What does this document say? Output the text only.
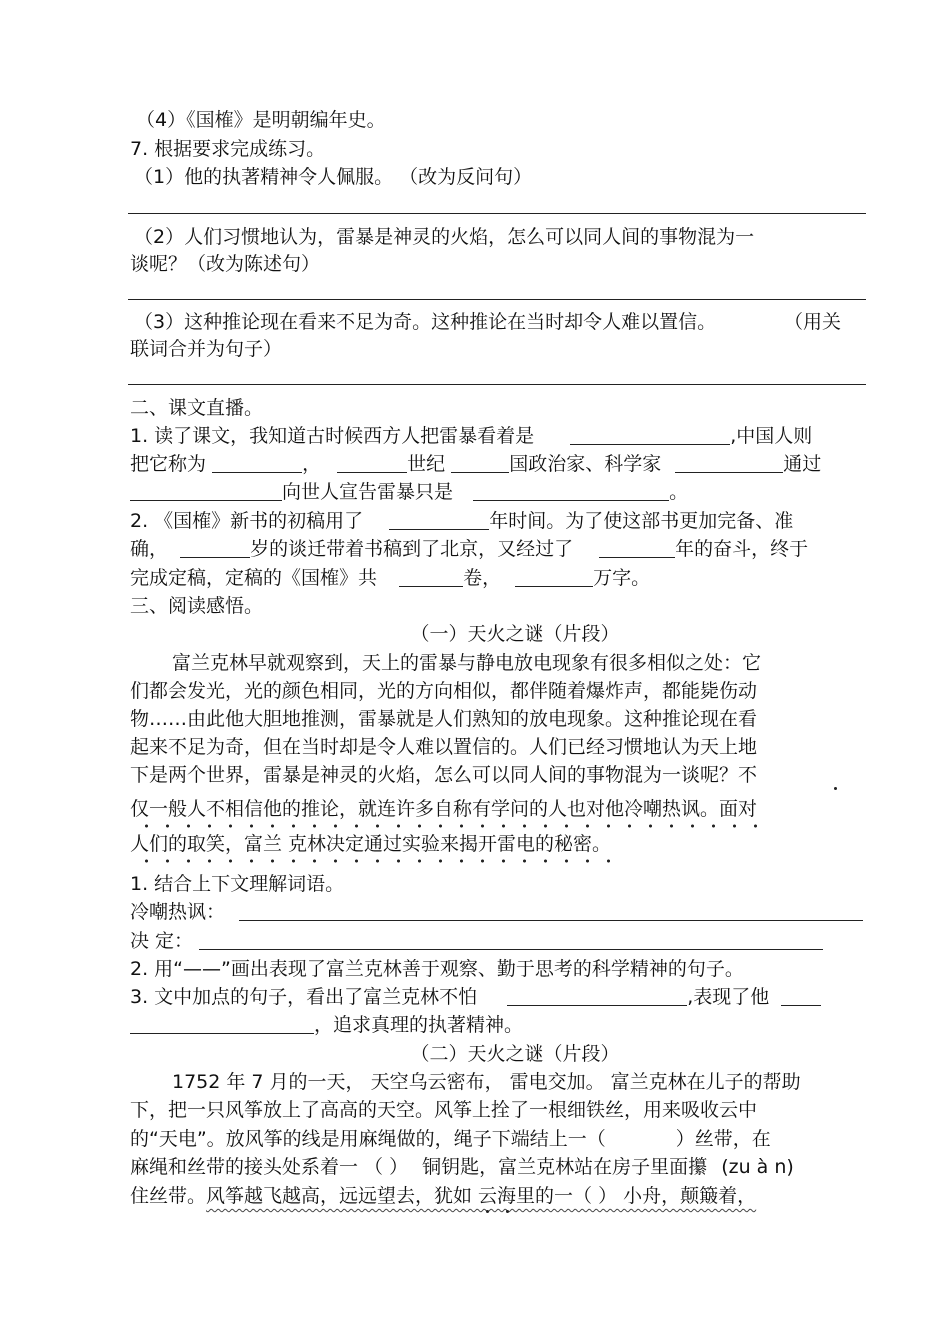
（4）《国榷》是明朝编年史。
7. 根据要求完成练习。
（1）他的执著精神令人佩服。 （改为反问句）
（2）人们习惯地认为，雷暴是神灵的火焰，怎么可以同人间的事物混为一
谈呢？（改为陈述句）
（3）这种推论现在看来不足为奇。这种推论在当时却令人难以置信。	（用关
联词合并为句子）
二、课文直播。
1. 读了课文，我知道古时候西方人把雷暴看着是	,中国人则
把它称为	，	世纪	国政治家、科学家	通过
向世人宣告雷暴只是	。
2. 《国榷》新书的初稿用了	年时间。为了使这部书更加完备、准
确，	岁的谈迁带着书稿到了北京，又经过了	年的奋斗，终于
完成定稿，定稿的《国榷》共	卷，	万字。
三、阅读感悟。
（一）天火之谜（片段）
富兰克林早就观察到，天上的雷暴与静电放电现象有很多相似之处：它
们都会发光，光的颜色相同，光的方向相似，都伴随着爆炸声，都能毙伤动
物……由此他大胆地推测，雷暴就是人们熟知的放电现象。这种推论现在看
起来不足为奇，但在当时却是令人难以置信的。人们已经习惯地认为天上地
下是两个世界，雷暴是神灵的火焰，怎么可以同人间的事物混为一谈呢？不
仅一般人不相信他的推论，就连许多自称有学问的人也对他冷嘲热讽。面对
人们的取笑，富兰 克林决定通过实验来揭开雷电的秘密。
1. 结合上下文理解词语。
冷嘲热讽：
决 定：
2. 用“——”画出表现了富兰克林善于观察、勤于思考的科学精神的句子。
3. 文中加点的句子，看出了富兰克林不怕	,表现了他
，追求真理的执著精神。
（二）天火之谜（片段）
1752 年 7 月的一天， 天空乌云密布， 雷电交加。 富兰克林在儿子的帮助
下，把一只风筝放上了高高的天空。风筝上拴了一根细铁丝，用来吸收云中
的“天电”。放风筝的线是用麻绳做的，绳子下端结上一（	）丝带，在
麻绳和丝带的接头处系着一 （ ） 铜钥匙，富兰克林站在房子里面攥 (zu à n)
住丝带。风筝越飞越高，远远望去，犹如 云海里的一（ ） 小舟，颠簸着，
